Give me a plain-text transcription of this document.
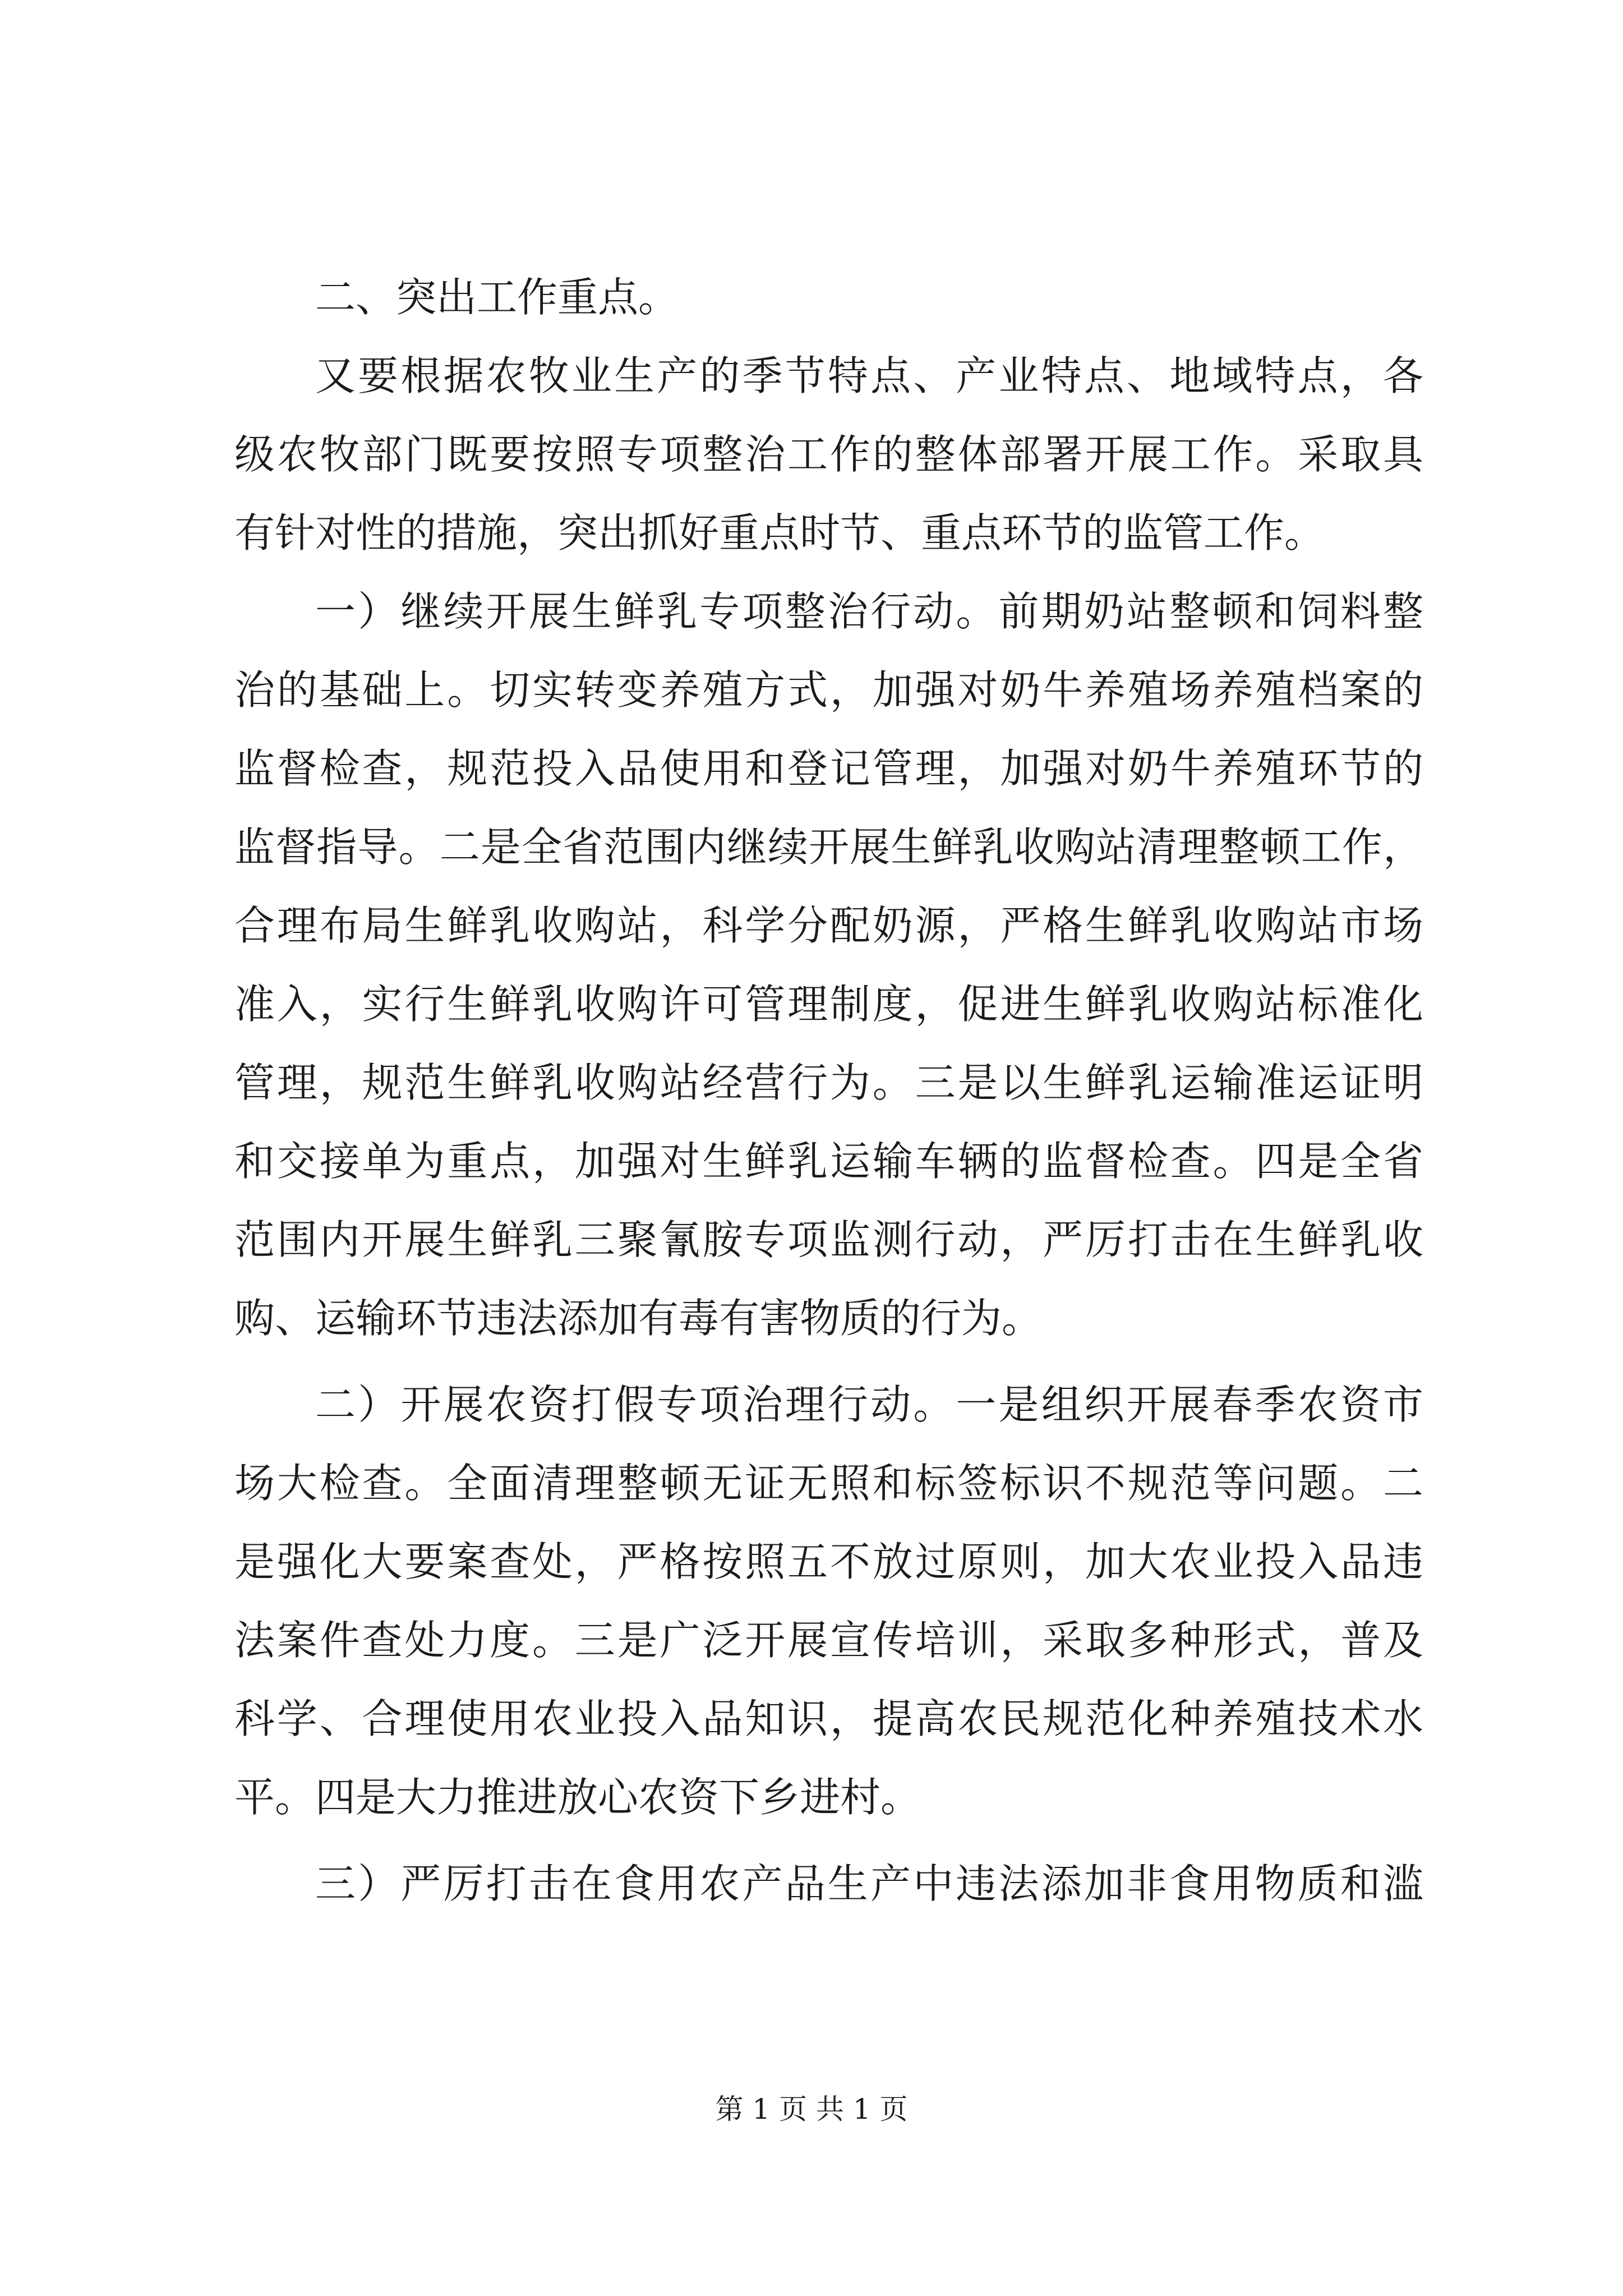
二、突出工作重点。

又要根据农牧业生产的季节特点、产业特点、地域特点，各

级农牧部门既要按照专项整治工作的整体部署开展工作。采取具

有针对性的措施，突出抓好重点时节、重点环节的监管工作。

一）继续开展生鲜乳专项整治行动。前期奶站整顿和饲料整

治的基础上。切实转变养殖方式，加强对奶牛养殖场养殖档案的

监督检查，规范投入品使用和登记管理，加强对奶牛养殖环节的

监督指导。二是全省范围内继续开展生鲜乳收购站清理整顿工作，

合理布局生鲜乳收购站，科学分配奶源，严格生鲜乳收购站市场

准入，实行生鲜乳收购许可管理制度，促进生鲜乳收购站标准化

管理，规范生鲜乳收购站经营行为。三是以生鲜乳运输准运证明

和交接单为重点，加强对生鲜乳运输车辆的监督检查。四是全省

范围内开展生鲜乳三聚氰胺专项监测行动，严厉打击在生鲜乳收

购、运输环节违法添加有毒有害物质的行为。

二）开展农资打假专项治理行动。一是组织开展春季农资市

场大检查。全面清理整顿无证无照和标签标识不规范等问题。二

是强化大要案查处，严格按照五不放过原则，加大农业投入品违

法案件查处力度。三是广泛开展宣传培训，采取多种形式，普及

科学、合理使用农业投入品知识，提高农民规范化种养殖技术水

平。四是大力推进放心农资下乡进村。

三）严厉打击在食用农产品生产中违法添加非食用物质和滥

第 1 页 共 1 页
